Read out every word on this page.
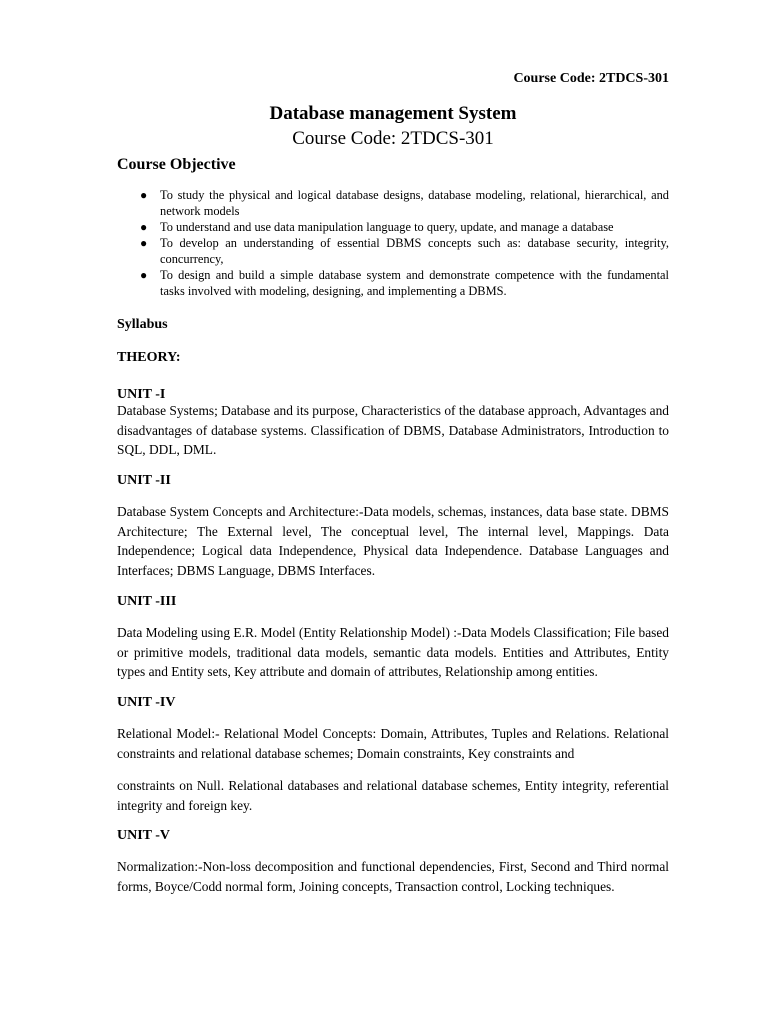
Course Code: 2TDCS-301
Database management System
Course Code: 2TDCS-301
Course Objective
● To study the physical and logical database designs, database modeling, relational, hierarchical, and network models
● To understand and use data manipulation language to query, update, and manage a database
● To develop an understanding of essential DBMS concepts such as: database security, integrity, concurrency,
● To design and build a simple database system and demonstrate competence with the fundamental tasks involved with modeling, designing, and implementing a DBMS.
Syllabus
THEORY:
UNIT -I
Database Systems; Database and its purpose, Characteristics of the database approach, Advantages and disadvantages of database systems. Classification of DBMS, Database Administrators, Introduction to SQL, DDL, DML.
UNIT -II
Database System Concepts and Architecture:-Data models, schemas, instances, data base state. DBMS Architecture; The External level, The conceptual level, The internal level, Mappings. Data Independence; Logical data Independence, Physical data Independence. Database Languages and Interfaces; DBMS Language, DBMS Interfaces.
UNIT -III
Data Modeling using E.R. Model (Entity Relationship Model) :-Data Models Classification; File based or primitive models, traditional data models, semantic data models. Entities and Attributes, Entity types and Entity sets, Key attribute and domain of attributes, Relationship among entities.
UNIT -IV
Relational Model:- Relational Model Concepts: Domain, Attributes, Tuples and Relations. Relational constraints and relational database schemes; Domain constraints, Key constraints and
constraints on Null. Relational databases and relational database schemes, Entity integrity, referential integrity and foreign key.
UNIT -V
Normalization:-Non-loss decomposition and functional dependencies, First, Second and Third normal forms, Boyce/Codd normal form, Joining concepts, Transaction control, Locking techniques.
